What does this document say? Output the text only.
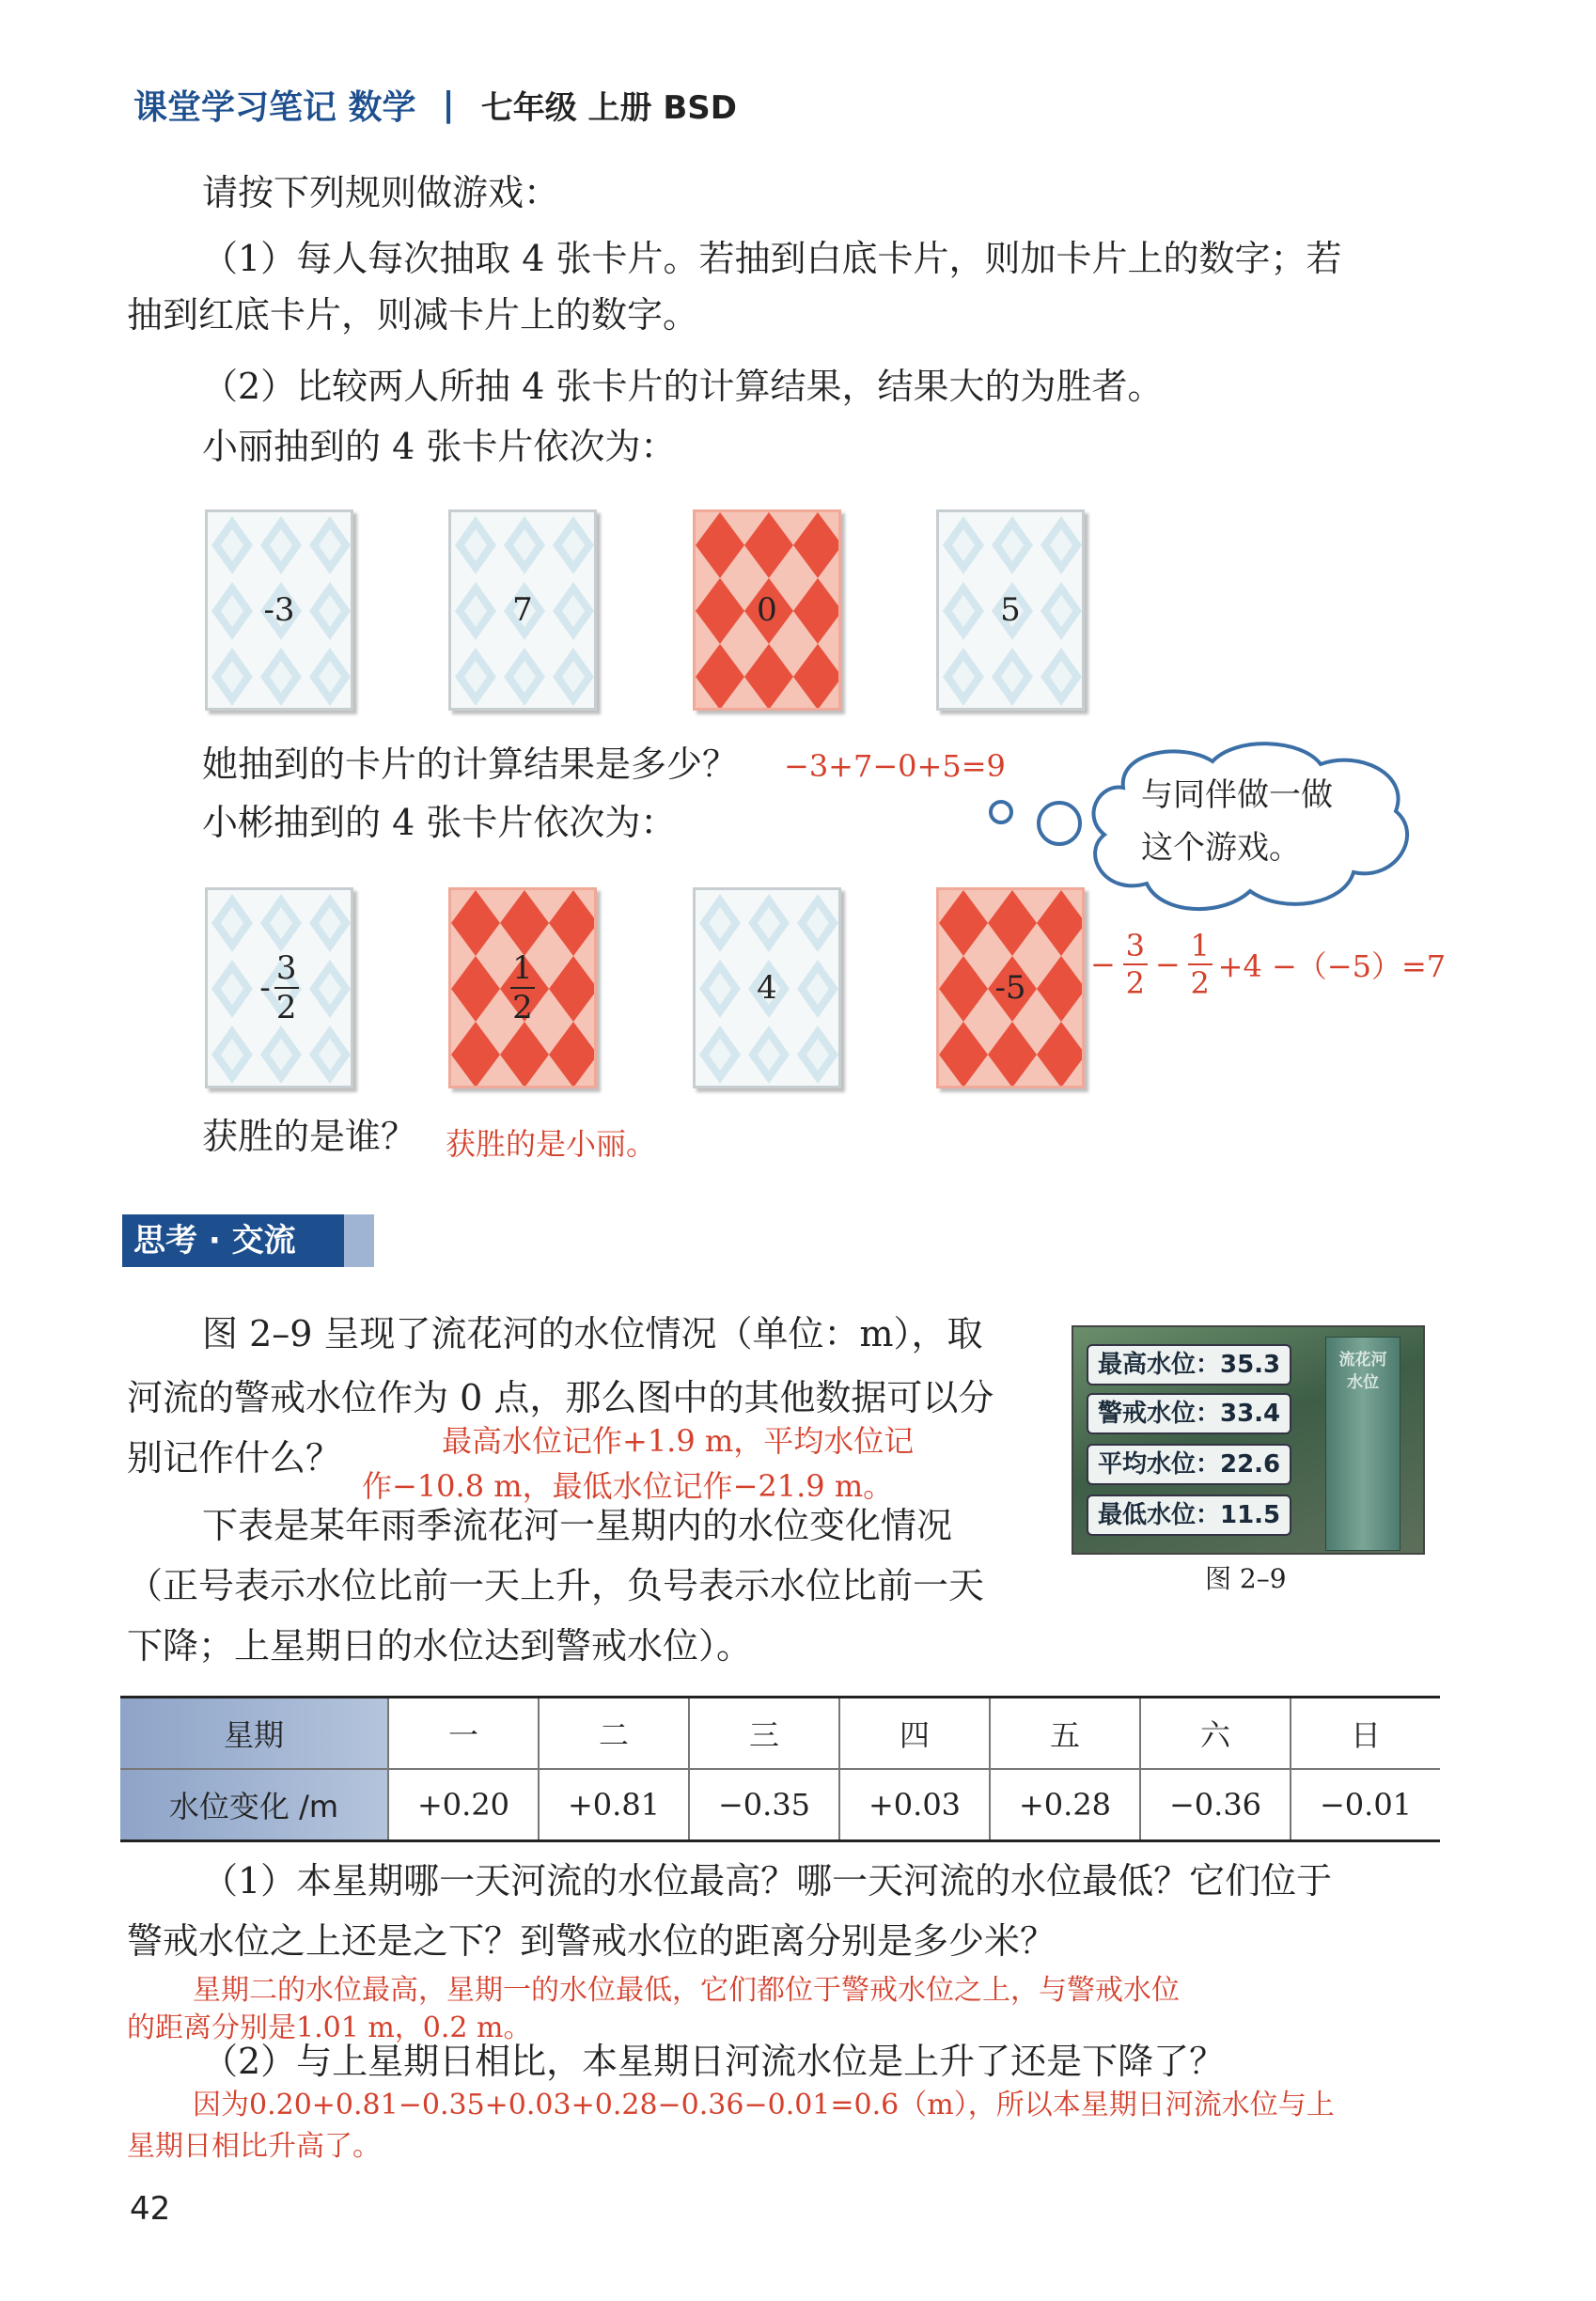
课堂学习笔记 数学 | 七年级 上册 BSD
请按下列规则做游戏：
（1）每人每次抽取 4 张卡片。若抽到白底卡片，则加卡片上的数字；若
抽到红底卡片，则减卡片上的数字。
（2）比较两人所抽 4 张卡片的计算结果，结果大的为胜者。
小丽抽到的 4 张卡片依次为：
-3	7	0	5
她抽到的卡片的计算结果是多少？ −3+7−0+5=9
小彬抽到的 4 张卡片依次为：
与同伴做一做
这个游戏。
- $\frac{3}{2}$	$\frac{1}{2}$	4	-5
− $\frac{3}{2} - \frac{1}{2} +4 -(-5)=7$
获胜的是谁？ 获胜的是小丽。
思考 · 交流
图 2–9 呈现了流花河的水位情况（单位：m），取
河流的警戒水位作为 0 点，那么图中的其他数据可以分
别记作什么？	最高水位记作+1.9 m，平均水位记
作−10.8 m，最低水位记作−21.9 m。
下表是某年雨季流花河一星期内的水位变化情况
（正号表示水位比前一天上升，负号表示水位比前一天
下降；上星期日的水位达到警戒水位）。
流花河水位
最高水位：35.3
警戒水位：33.4
平均水位：22.6
最低水位：11.5
图 2–9
星期	一	二	三	四	五	六	日
水位变化 /m	+0.20	+0.81	−0.35	+0.03	+0.28	−0.36	−0.01
（1）本星期哪一天河流的水位最高？哪一天河流的水位最低？它们位于
警戒水位之上还是之下？到警戒水位的距离分别是多少米？
星期二的水位最高，星期一的水位最低，它们都位于警戒水位之上，与警戒水位
的距离分别是1.01 m，0.2 m。
（2）与上星期日相比，本星期日河流水位是上升了还是下降了？
因为0.20+0.81−0.35+0.03+0.28−0.36−0.01=0.6（m），所以本星期日河流水位与上
星期日相比升高了。
42
